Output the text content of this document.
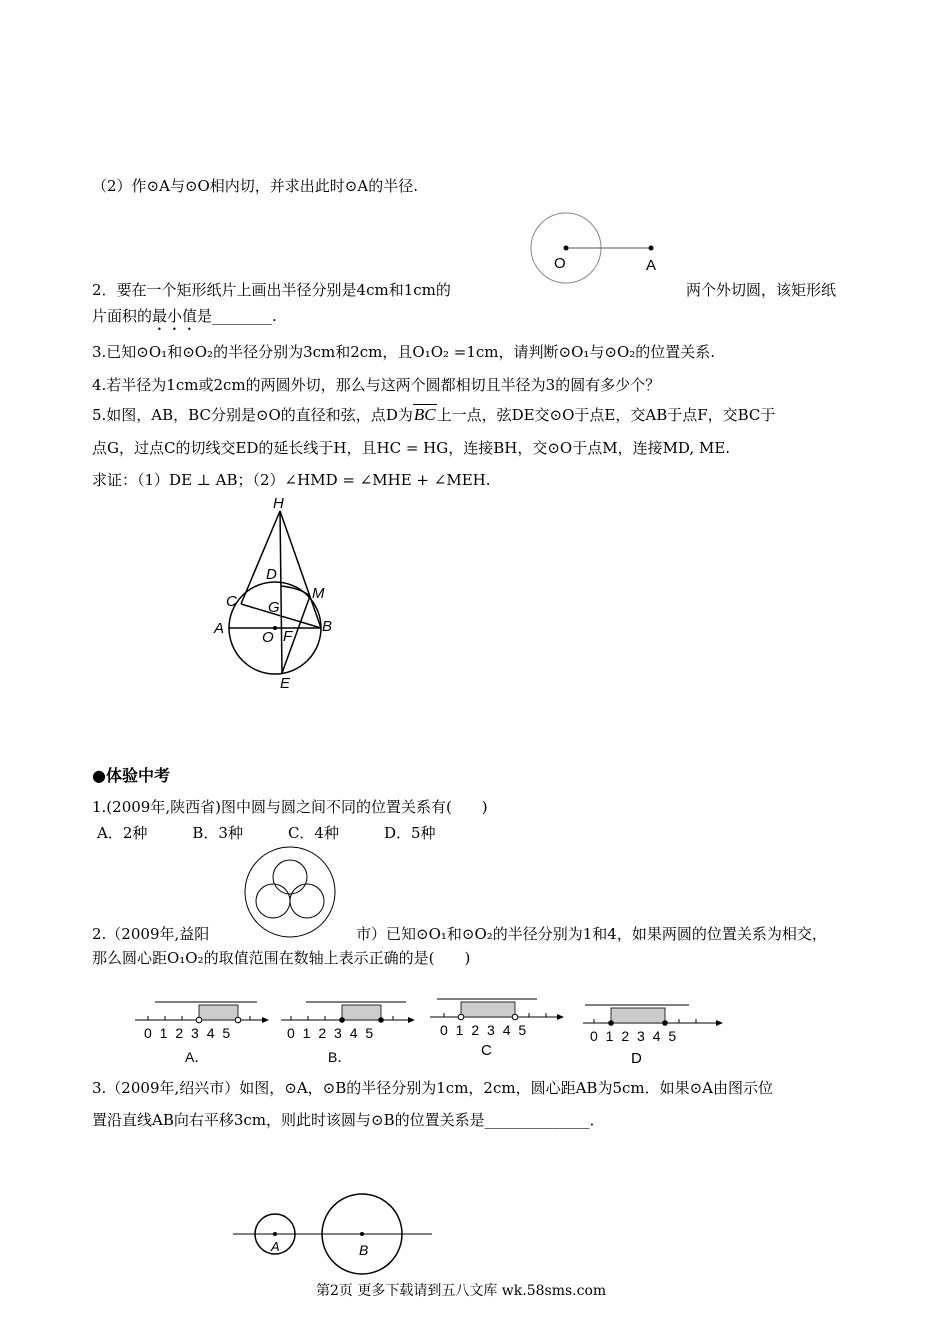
（2）作⊙A与⊙O相内切，并求出此时⊙A的半径.
O	A
2．要在一个矩形纸片上画出半径分别是4cm和1cm的	两个外切圆，该矩形纸
片面积的最小值是________.
3.已知⊙O₁和⊙O₂的半径分别为3cm和2cm，且O₁O₂ =1cm，请判断⊙O₁与⊙O₂的位置关系.
4.若半径为1cm或2cm的两圆外切，那么与这两个圆都相切且半径为3的圆有多少个？
5.如图，AB，BC分别是⊙O的直径和弦，点D为BC上一点，弦DE交⊙O于点E，交AB于点F，交BC于
点G，过点C的切线交ED的延长线于H，且HC = HG，连接BH，交⊙O于点M，连接MD, ME.
求证：（1）DE ⊥ AB；（2）∠HMD = ∠MHE + ∠MEH.
H
D
M
C G
A
O F
B
E
●体验中考
1.(2009年,陕西省)图中圆与圆之间不同的位置关系有(　　)
A．2种　　　B．3种　　　C．4种　　　D．5种
2.（2009年,益阳	市）已知⊙O₁和⊙O₂的半径分别为1和4，如果两圆的位置关系为相交，
那么圆心距O₁O₂的取值范围在数轴上表示正确的是(　　)
0 1 2 3 4 5
A．
0 1 2 3 4 5
B．
0 1 2 3 4 5
C
0 1 2 3 4 5
D
3.（2009年,绍兴市）如图，⊙A，⊙B的半径分别为1cm，2cm，圆心距AB为5cm．如果⊙A由图示位
置沿直线AB向右平移3cm，则此时该圆与⊙B的位置关系是______________．
A	B
第2页 更多下载请到五八文库 wk.58sms.com
